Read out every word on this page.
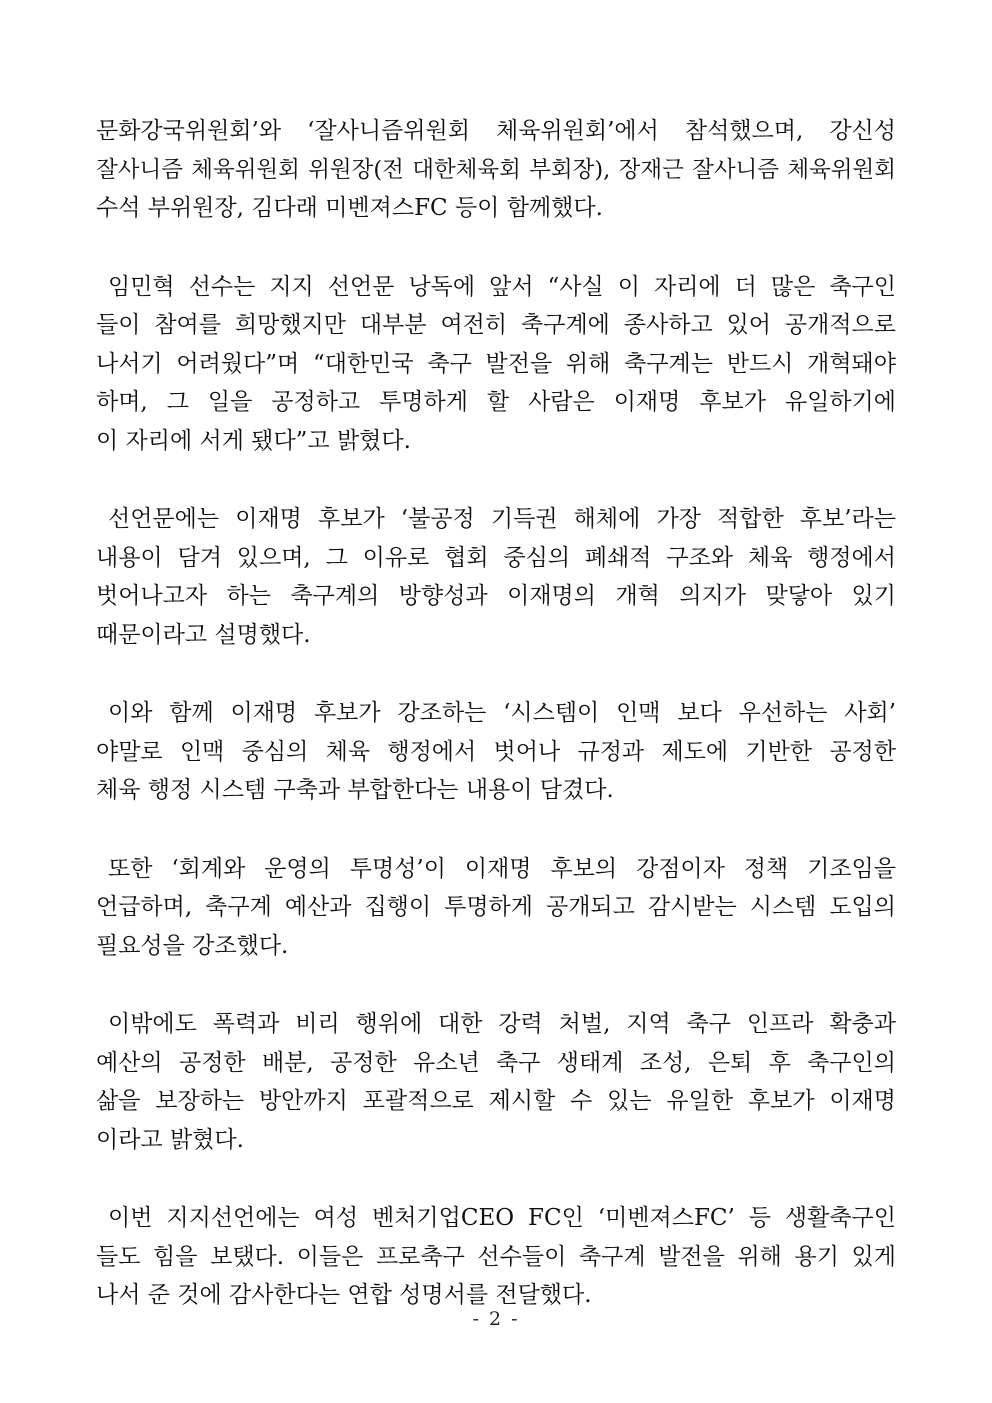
문화강국위원회’와 ‘잘사니즘위원회 체육위원회’에서 참석했으며, 강신성
잘사니즘 체육위원회 위원장(전 대한체육회 부회장), 장재근 잘사니즘 체육위원회
수석 부위원장, 김다래 미벤져스FC 등이 함께했다.

임민혁 선수는 지지 선언문 낭독에 앞서 “사실 이 자리에 더 많은 축구인
들이 참여를 희망했지만 대부분 여전히 축구계에 종사하고 있어 공개적으로
나서기 어려웠다”며 “대한민국 축구 발전을 위해 축구계는 반드시 개혁돼야
하며, 그 일을 공정하고 투명하게 할 사람은 이재명 후보가 유일하기에
이 자리에 서게 됐다”고 밝혔다.

선언문에는 이재명 후보가 ‘불공정 기득권 해체에 가장 적합한 후보’라는
내용이 담겨 있으며, 그 이유로 협회 중심의 폐쇄적 구조와 체육 행정에서
벗어나고자 하는 축구계의 방향성과 이재명의 개혁 의지가 맞닿아 있기
때문이라고 설명했다.

이와 함께 이재명 후보가 강조하는 ‘시스템이 인맥 보다 우선하는 사회’
야말로 인맥 중심의 체육 행정에서 벗어나 규정과 제도에 기반한 공정한
체육 행정 시스템 구축과 부합한다는 내용이 담겼다.

또한 ‘회계와 운영의 투명성’이 이재명 후보의 강점이자 정책 기조임을
언급하며, 축구계 예산과 집행이 투명하게 공개되고 감시받는 시스템 도입의
필요성을 강조했다.

이밖에도 폭력과 비리 행위에 대한 강력 처벌, 지역 축구 인프라 확충과
예산의 공정한 배분, 공정한 유소년 축구 생태계 조성, 은퇴 후 축구인의
삶을 보장하는 방안까지 포괄적으로 제시할 수 있는 유일한 후보가 이재명
이라고 밝혔다.

이번 지지선언에는 여성 벤처기업CEO FC인 ‘미벤져스FC’ 등 생활축구인
들도 힘을 보탰다. 이들은 프로축구 선수들이 축구계 발전을 위해 용기 있게
나서 준 것에 감사한다는 연합 성명서를 전달했다.

- 2 -
